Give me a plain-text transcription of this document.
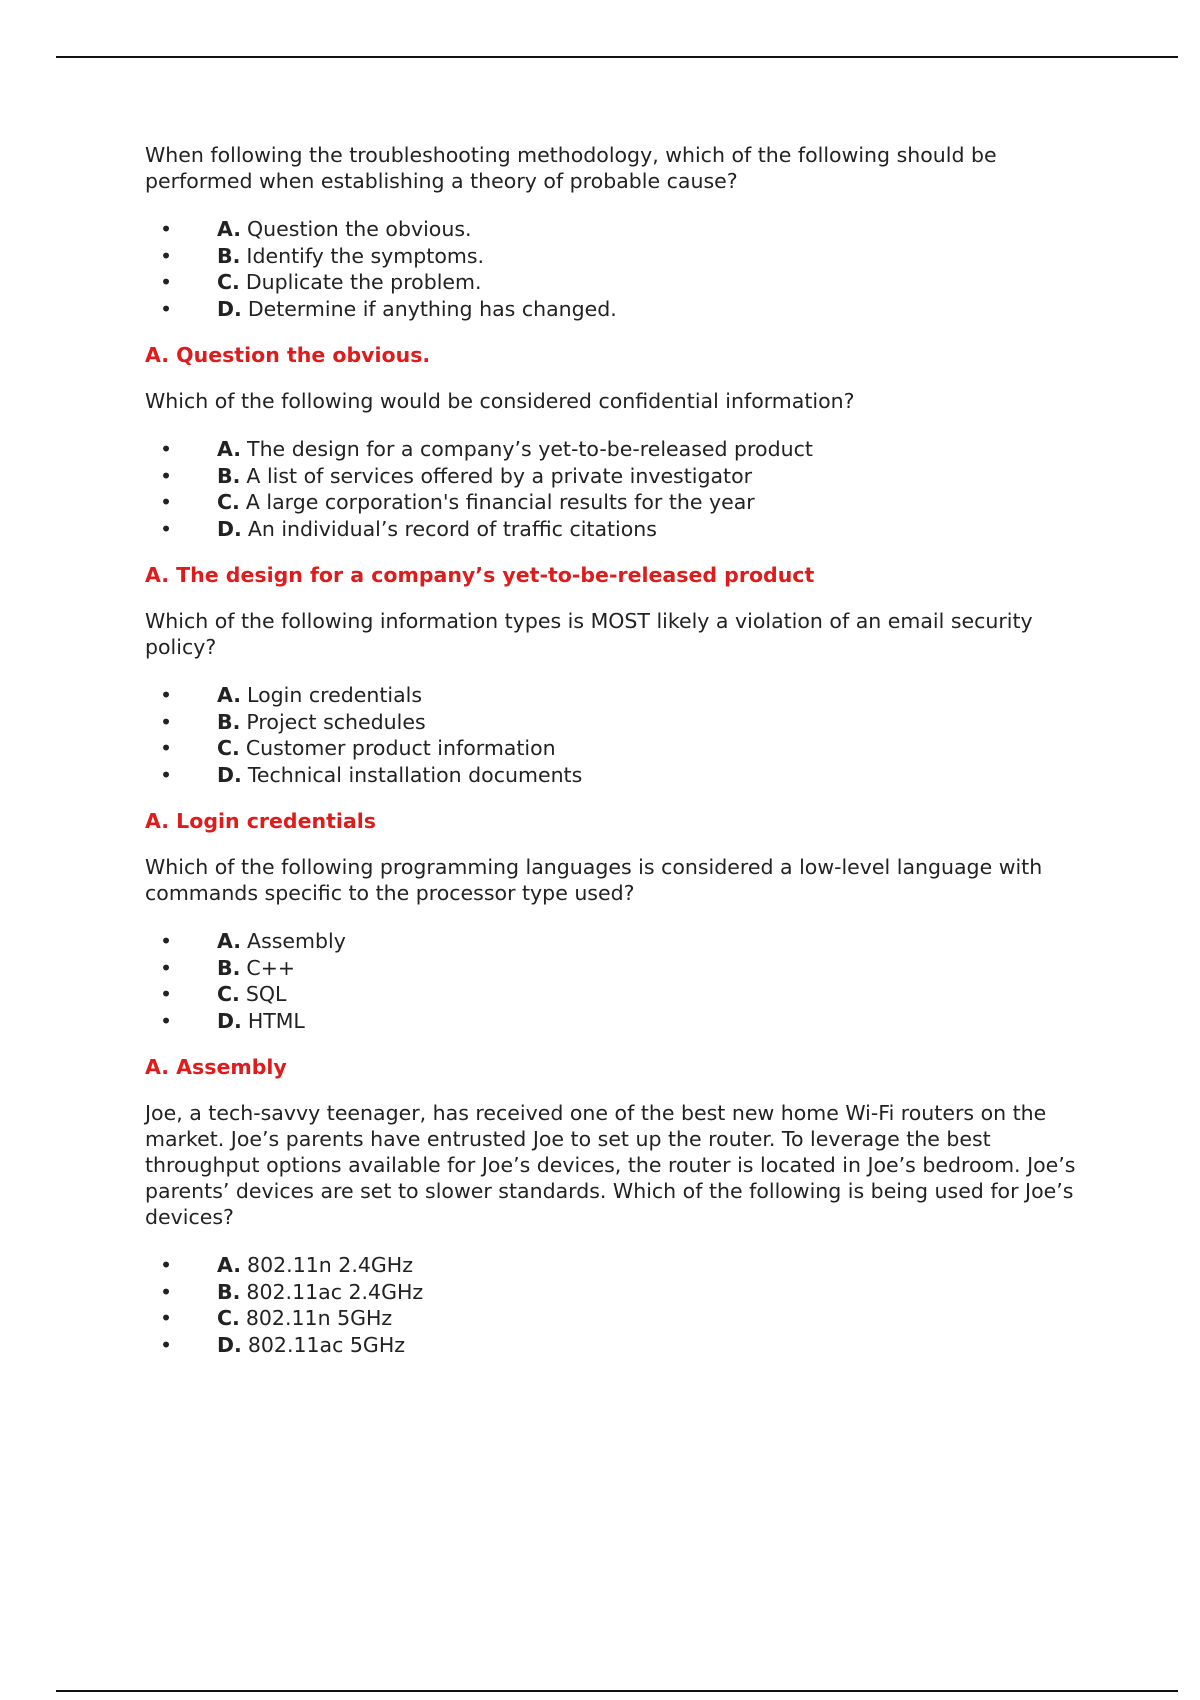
When following the troubleshooting methodology, which of the following should be performed when establishing a theory of probable cause?

• A. Question the obvious.
• B. Identify the symptoms.
• C. Duplicate the problem.
• D. Determine if anything has changed.

A. Question the obvious.

Which of the following would be considered confidential information?

• A. The design for a company’s yet-to-be-released product
• B. A list of services offered by a private investigator
• C. A large corporation's financial results for the year
• D. An individual’s record of traffic citations

A. The design for a company’s yet-to-be-released product

Which of the following information types is MOST likely a violation of an email security policy?

• A. Login credentials
• B. Project schedules
• C. Customer product information
• D. Technical installation documents

A. Login credentials

Which of the following programming languages is considered a low-level language with commands specific to the processor type used?

• A. Assembly
• B. C++
• C. SQL
• D. HTML

A. Assembly

Joe, a tech-savvy teenager, has received one of the best new home Wi-Fi routers on the market. Joe’s parents have entrusted Joe to set up the router. To leverage the best throughput options available for Joe’s devices, the router is located in Joe’s bedroom. Joe’s parents’ devices are set to slower standards. Which of the following is being used for Joe’s devices?

• A. 802.11n 2.4GHz
• B. 802.11ac 2.4GHz
• C. 802.11n 5GHz
• D. 802.11ac 5GHz
